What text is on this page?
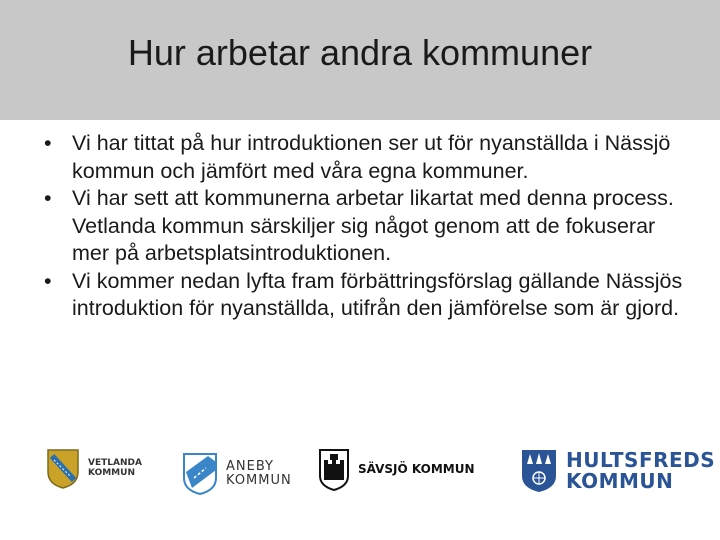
Hur arbetar andra kommuner
• Vi har tittat på hur introduktionen ser ut för nyanställda i Nässjö kommun och jämfört med våra egna kommuner.
• Vi har sett att kommunerna arbetar likartat med denna process. Vetlanda kommun särskiljer sig något genom att de fokuserar mer på arbetsplatsintroduktionen.
• Vi kommer nedan lyfta fram förbättringsförslag gällande Nässjös introduktion för nyanställda, utifrån den jämförelse som är gjord.
VETLANDA
KOMMUN	ANEBY
KOMMUN
SÄVSJÖ KOMMUN	HULTSFREDS
KOMMUN
